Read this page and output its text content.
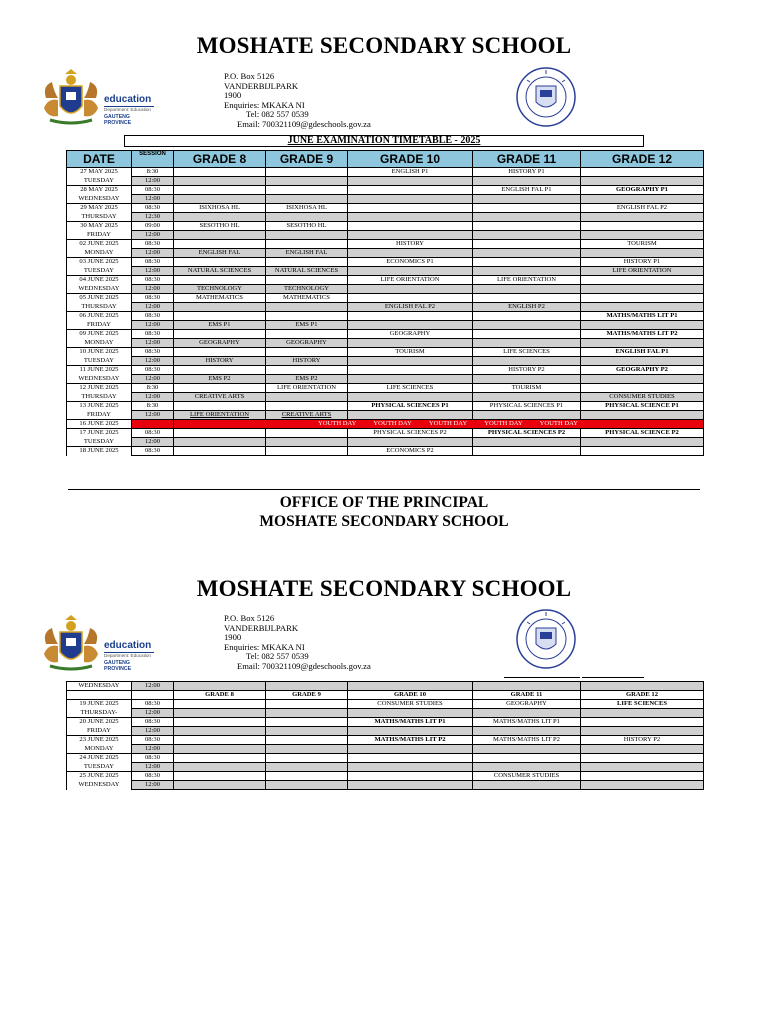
MOSHATE SECONDARY SCHOOL
education
Department: Education
GAUTENG PROVINCE
P.O. Box 5126
VANDERBIJLPARK
1900
Enquiries: MKAKA NI
Tel: 082 557 0539
Email: 700321109@gdeschools.gov.za
JUNE EXAMINATION TIMETABLE - 2025
DATE	SESSION	GRADE 8	GRADE 9	GRADE 10	GRADE 11	GRADE 12
27 MAY 2025	8:30			ENGLISH P1	HISTORY P1	
TUESDAY	12:00					
28 MAY 2025	08:30				ENGLISH FAL P1	GEOGRAPHY P1
WEDNESDAY	12:00					
29 MAY 2025	08:30	ISIXHOSA HL	ISIXHOSA HL			ENGLISH FAL P2
THURSDAY	12:30					
30 MAY 2025	09:00	SESOTHO HL	SESOTHO HL			
FRIDAY	12:00					
02 JUNE 2025	08:30			HISTORY		TOURISM
MONDAY	12:00	ENGLISH FAL	ENGLISH FAL			
03 JUNE 2025	08:30			ECONOMICS P1		HISTORY P1
TUESDAY	12:00	NATURAL SCIENCES	NATURAL SCIENCES			LIFE ORIENTATION
04 JUNE 2025	08:30			LIFE ORIENTATION	LIFE ORIENTATION	
WEDNESDAY	12:00	TECHNOLOGY	TECHNOLOGY			
05 JUNE 2025	08:30	MATHEMATICS	MATHEMATICS			
THURSDAY	12:00			ENGLISH FAL P2	ENGLISH P2	
06 JUNE 2025	08:30					MATHS/MATHS LIT P1
FRIDAY	12:00	EMS P1	EMS P1			
09 JUNE 2025	08:30			GEOGRAPHY		MATHS/MATHS LIT P2
MONDAY	12:00	GEOGRAPHY	GEOGRAPHY			
10 JUNE 2025	08:30			TOURISM	LIFE SCIENCES	ENGLISH FAL P1
TUESDAY	12:00	HISTORY	HISTORY			
11 JUNE 2025	08:30				HISTORY P2	GEOGRAPHY P2
WEDNESDAY	12:00	EMS P2	EMS P2			
12 JUNE 2025	8:30		LIFE ORIENTATION	LIFE SCIENCES	TOURISM	
THURSDAY	12:00	CREATIVE ARTS				CONSUMER STUDIES
13 JUNE 2025	8:30			PHYSICAL SCIENCES P1	PHYSICAL SCIENCES P1	PHYSICAL SCIENCE P1
FRIDAY	12:00	LIFE ORIENTATION	CREATIVE ARTS			
16 JUNE 2025		YOUTH DAY YOUTH DAY YOUTH DAY YOUTH DAY YOUTH DAY				
17 JUNE 2025	08:30			PHYSICAL SCIENCES P2	PHYSICAL SCIENCES P2	PHYSICAL SCIENCE P2
TUESDAY	12:00					
18 JUNE 2025	08:30			ECONOMICS P2		
OFFICE OF THE PRINCIPAL
MOSHATE SECONDARY SCHOOL
MOSHATE SECONDARY SCHOOL
education
Department: Education
GAUTENG PROVINCE
P.O. Box 5126
VANDERBIJLPARK
1900
Enquiries: MKAKA NI
Tel: 082 557 0539
Email: 700321109@gdeschools.gov.za
WEDNESDAY	12:00					
		GRADE 8	GRADE 9	GRADE 10	GRADE 11	GRADE 12
19 JUNE 2025	08:30			CONSUMER STUDIES	GEOGRAPHY	LIFE SCIENCES
THURSDAY-	12:00					
20 JUNE 2025	08:30			MATHS/MATHS LIT P1	MATHS/MATHS LIT P1	
FRIDAY	12:00					
23 JUNE 2025	08:30			MATHS/MATHS LIT P2	MATHS/MATHS LIT P2	HISTORY P2
MONDAY	12:00					
24 JUNE 2025	08:30					
TUESDAY	12:00					
25 JUNE 2025	08:30				CONSUMER STUDIES	
WEDNESDAY	12:00					
